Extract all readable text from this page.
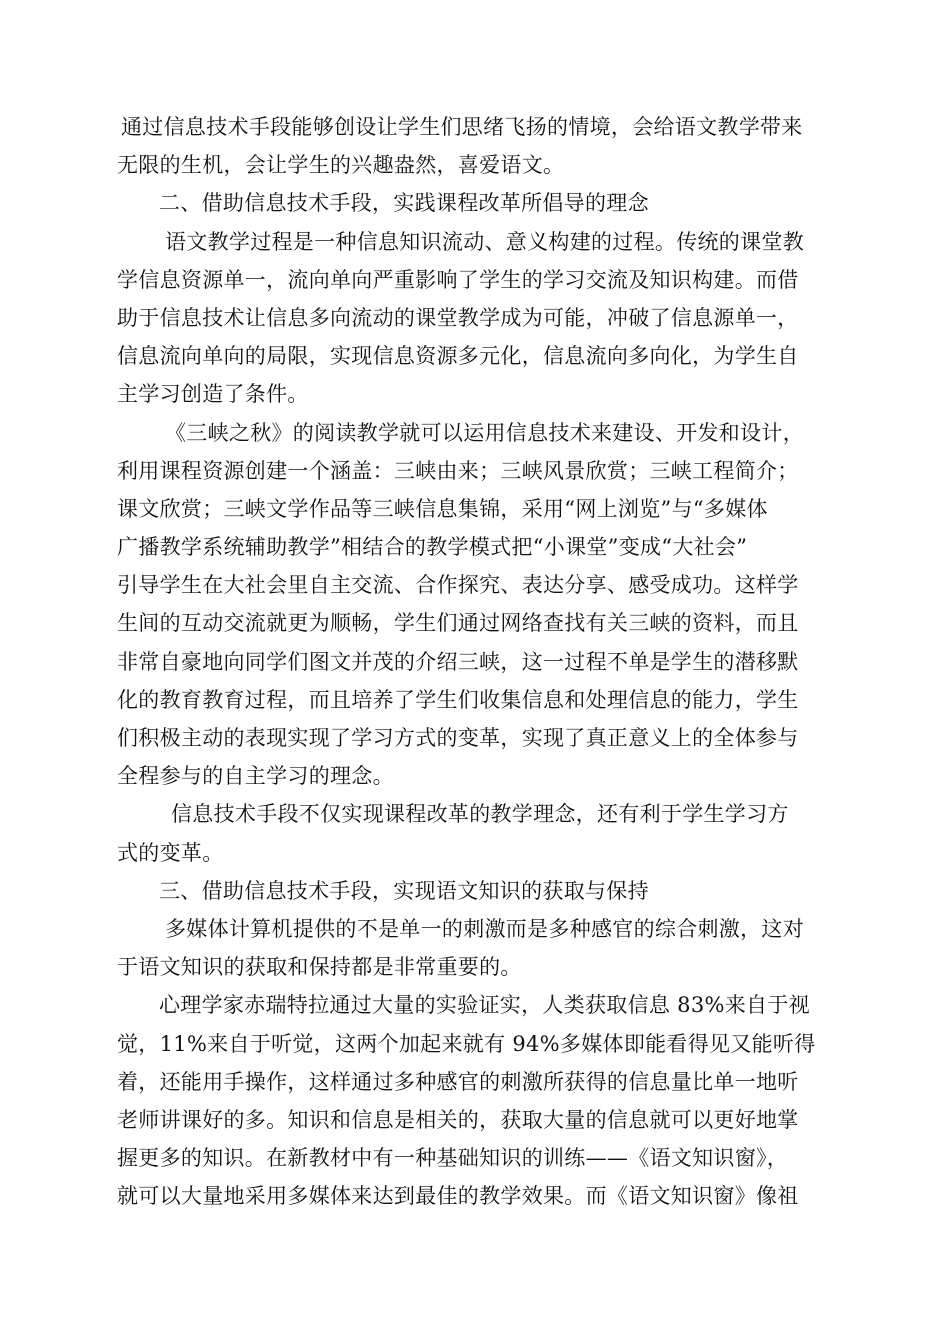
通过信息技术手段能够创设让学生们思绪飞扬的情境，会给语文教学带来
无限的生机，会让学生的兴趣盎然，喜爱语文。
二、借助信息技术手段，实践课程改革所倡导的理念
语文教学过程是一种信息知识流动、意义构建的过程。传统的课堂教
学信息资源单一，流向单向严重影响了学生的学习交流及知识构建。而借
助于信息技术让信息多向流动的课堂教学成为可能，冲破了信息源单一，
信息流向单向的局限，实现信息资源多元化，信息流向多向化，为学生自
主学习创造了条件。
《三峡之秋》的阅读教学就可以运用信息技术来建设、开发和设计，
利用课程资源创建一个涵盖：三峡由来；三峡风景欣赏；三峡工程简介；
课文欣赏；三峡文学作品等三峡信息集锦，采用“网上浏览”与“多媒体
广播教学系统辅助教学”相结合的教学模式把“小课堂”变成“大社会”
引导学生在大社会里自主交流、合作探究、表达分享、感受成功。这样学
生间的互动交流就更为顺畅，学生们通过网络查找有关三峡的资料，而且
非常自豪地向同学们图文并茂的介绍三峡，这一过程不单是学生的潜移默
化的教育教育过程，而且培养了学生们收集信息和处理信息的能力，学生
们积极主动的表现实现了学习方式的变革，实现了真正意义上的全体参与
全程参与的自主学习的理念。
信息技术手段不仅实现课程改革的教学理念，还有利于学生学习方
式的变革。
三、借助信息技术手段，实现语文知识的获取与保持
多媒体计算机提供的不是单一的刺激而是多种感官的综合刺激，这对
于语文知识的获取和保持都是非常重要的。
心理学家赤瑞特拉通过大量的实验证实，人类获取信息 83%来自于视
觉，11%来自于听觉，这两个加起来就有 94%多媒体即能看得见又能听得
着，还能用手操作，这样通过多种感官的刺激所获得的信息量比单一地听
老师讲课好的多。知识和信息是相关的，获取大量的信息就可以更好地掌
握更多的知识。在新教材中有一种基础知识的训练——《语文知识窗》，
就可以大量地采用多媒体来达到最佳的教学效果。而《语文知识窗》像祖
